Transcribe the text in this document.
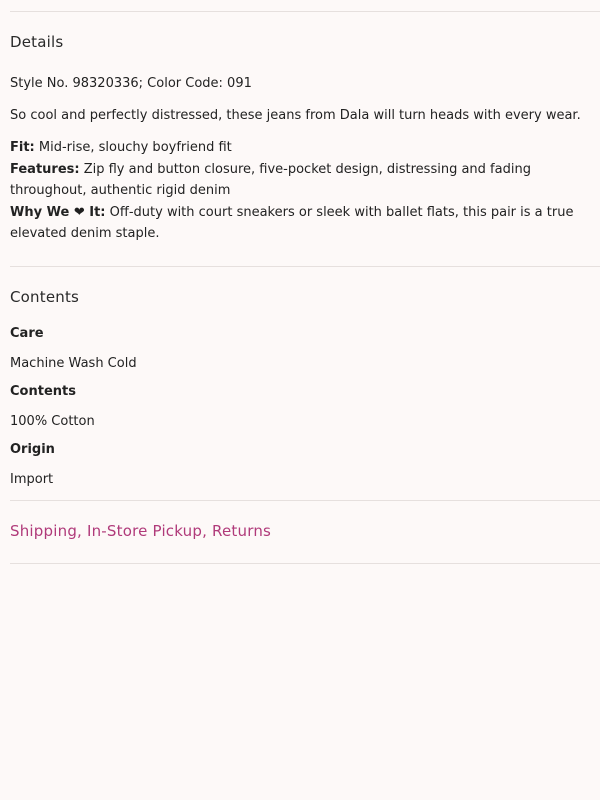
Details

Style No. 98320336; Color Code: 091

So cool and perfectly distressed, these jeans from Dala will turn heads with every wear.

Fit: Mid-rise, slouchy boyfriend fit

Features: Zip fly and button closure, five-pocket design, distressing and fading throughout, authentic rigid denim

Why We ❤ It: Off-duty with court sneakers or sleek with ballet flats, this pair is a true elevated denim staple.

Contents

Care

Machine Wash Cold

Contents

100% Cotton

Origin

Import

Shipping, In-Store Pickup, Returns
